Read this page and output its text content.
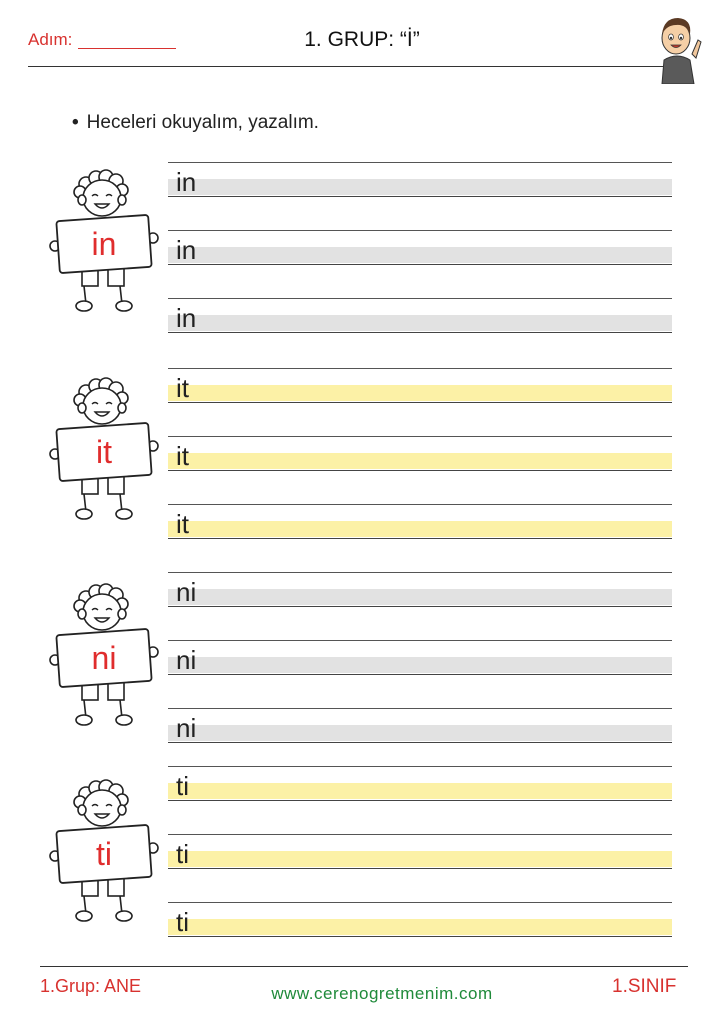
Adım:	1. GRUP: “İ”
• Heceleri okuyalım, yazalım.
in
in
in
in
it
it
it
it
ni
ni
ni
ni
ti
ti
ti
ti
1.Grup: ANE	www.cerenogretmenim.com	1.SINIF
